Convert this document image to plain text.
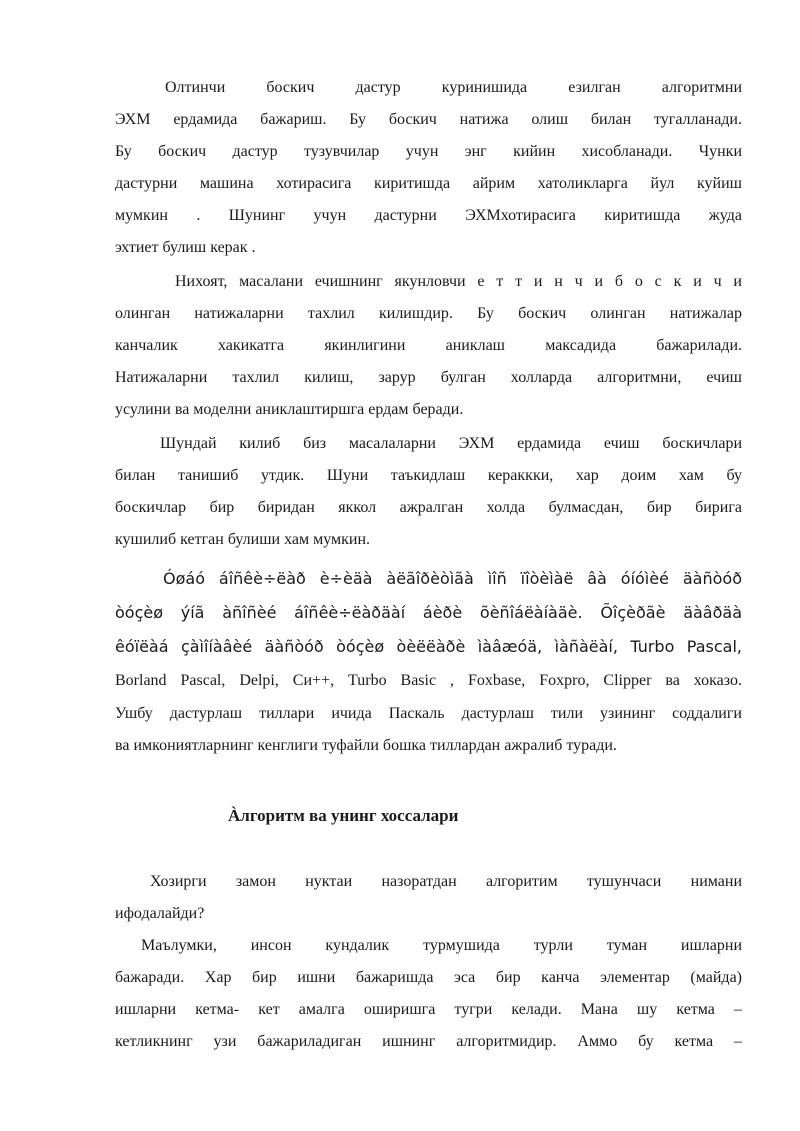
Олтинчи боскич дастур куринишида езилган алгоритмни
ЭХМ ердамида бажариш. Бу боскич натижа олиш билан тугалланади.
Бу боскич дастур тузувчилар учун энг кийин хисобланади. Чунки
дастурни машина хотирасига киритишда айрим хатоликларга йул куйиш
мумкин . Шунинг учун дастурни ЭХМхотирасига киритишда жуда
эхтиет булиш керак .
Нихоят, масалани ечишнинг якунловчи е т т и н ч и б о с к и ч и
олинган натижаларни тахлил килишдир. Бу боскич олинган натижалар
канчалик хакикатга якинлигини аниклаш максадида бажарилади.
Натижаларни тахлил килиш, зарур булган холларда алгоритмни, ечиш
усулини ва моделни аниклаштиршга ердам беради.
Шундай килиб биз масалаларни ЭХМ ердамида ечиш боскичлари
билан танишиб утдик. Шуни таъкидлаш кераккки, хар доим хам бу
боскичлар бир биридан яккол ажралган холда булмасдан, бир бирига
кушилиб кетган булиши хам мумкин.
Óøáó áîñêè÷ëàð è÷èäà àëãîðèòìãà ìîñ ïîòèìàë âà óíóìèé äàñòóð
òóçèø ýíã àñîñèé áîñêè÷ëàðäàí áèðè õèñîáëàíàäè. Õîçèðãè äàâðäà
êóïëàá çàìîíàâèé äàñòóð òóçèø òèëëàðè ìàâæóä, ìàñàëàí, Turbo Pascal,
Borland Pascal, Delpi, Си++, Turbo Basic , Foxbase, Foxpro, Clipper ва хоказо.
Ушбу дастурлаш тиллари ичида Паскаль дастурлаш тили узининг соддалиги
ва имкониятларнинг кенглиги туфайли бошка тиллардан ажралиб туради.
Àлгоритм ва унинг хоссалари
Хозирги замон нуктаи назоратдан алгоритим тушунчаси нимани
ифодалайди?
Маълумки, инсон кундалик турмушида турли туман ишларни
бажаради. Хар бир ишни бажаришда эса бир канча элементар (майда)
ишларни кетма- кет амалга оширишга тугри келади. Мана шу кетма –
кетликнинг узи бажариладиган ишнинг алгоритмидир. Аммо бу кетма –
